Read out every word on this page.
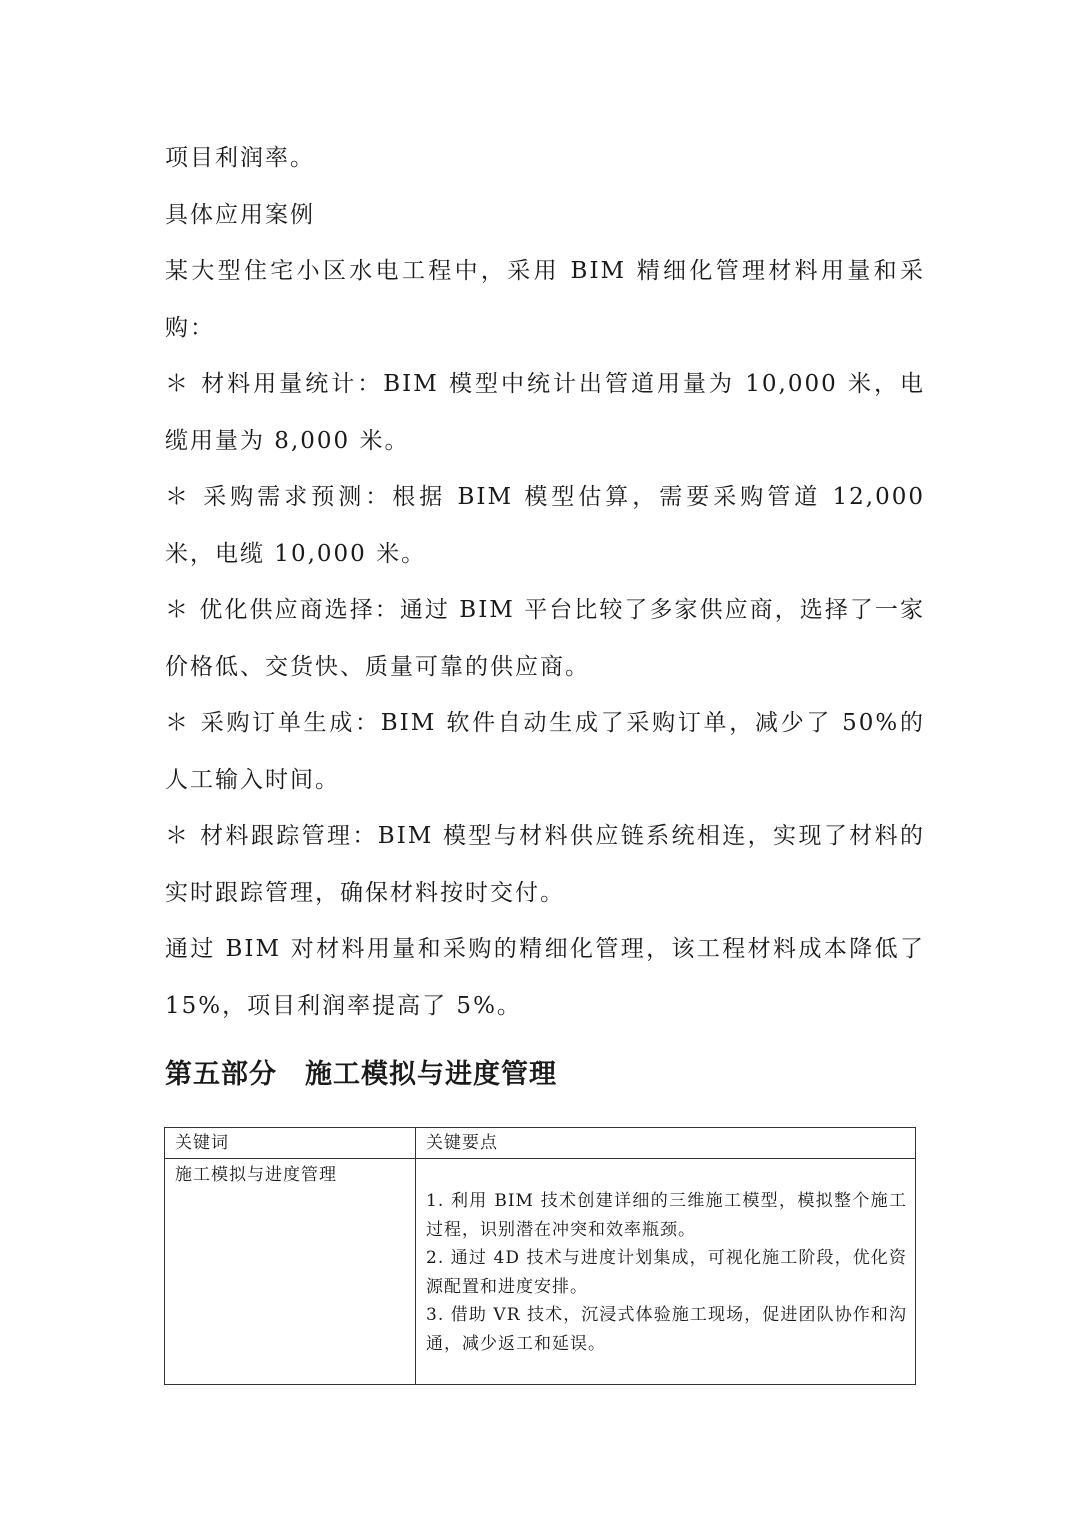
项目利润率。

具体应用案例

某大型住宅小区水电工程中，采用 BIM 精细化管理材料用量和采购：

＊ 材料用量统计：BIM 模型中统计出管道用量为 10,000 米，电缆用量为 8,000 米。

＊ 采购需求预测：根据 BIM 模型估算，需要采购管道 12,000 米，电缆 10,000 米。

＊ 优化供应商选择：通过 BIM 平台比较了多家供应商，选择了一家价格低、交货快、质量可靠的供应商。

＊ 采购订单生成：BIM 软件自动生成了采购订单，减少了 50%的人工输入时间。

＊ 材料跟踪管理：BIM 模型与材料供应链系统相连，实现了材料的实时跟踪管理，确保材料按时交付。

通过 BIM 对材料用量和采购的精细化管理，该工程材料成本降低了 15%，项目利润率提高了 5%。

第五部分 施工模拟与进度管理
关键词	关键要点
施工模拟与进度管理	1. 利用 BIM 技术创建详细的三维施工模型，模拟整个施工过程，识别潜在冲突和效率瓶颈。

2. 通过 4D 技术与进度计划集成，可视化施工阶段，优化资源配置和进度安排。

3. 借助 VR 技术，沉浸式体验施工现场，促进团队协作和沟通，减少返工和延误。
